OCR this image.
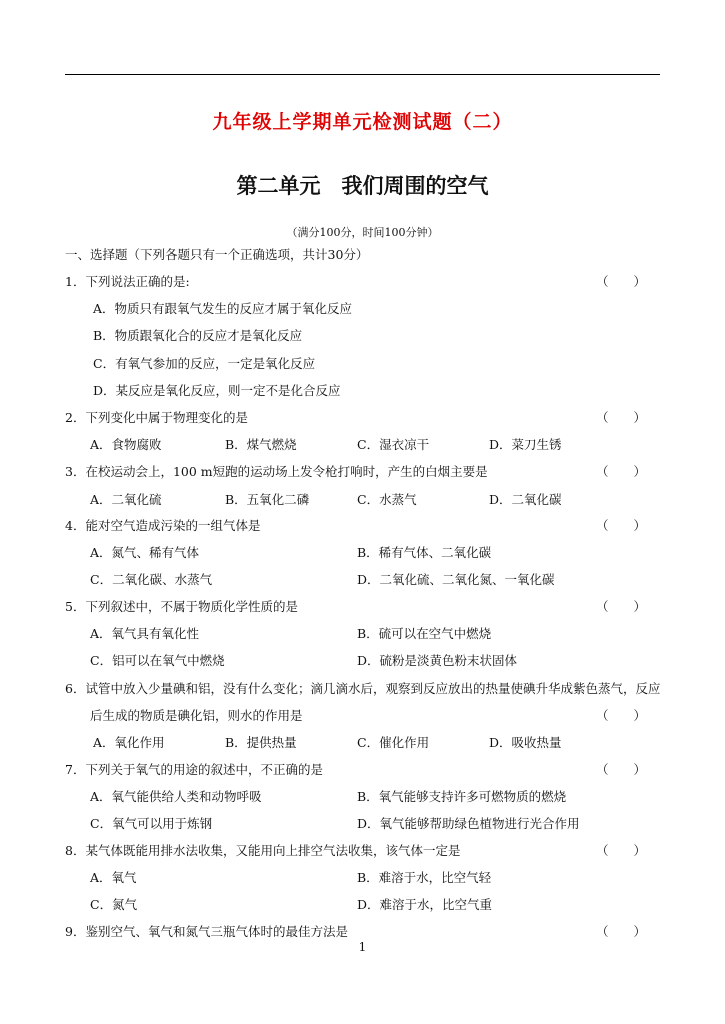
九年级上学期单元检测试题（二）
第二单元　我们周围的空气
（满分100分，时间100分钟）
一、选择题（下列各题只有一个正确选项，共计30分）
1．下列说法正确的是:	（　　）
A．物质只有跟氧气发生的反应才属于氧化反应
B．物质跟氧化合的反应才是氧化反应
C．有氧气参加的反应，一定是氧化反应
D．某反应是氧化反应，则一定不是化合反应
2．下列变化中属于物理变化的是	（　　）
A．食物腐败	B．煤气燃烧	C．湿衣凉干	D．菜刀生锈
3．在校运动会上，100 m短跑的运动场上发令枪打响时，产生的白烟主要是	（　　）
A．二氧化硫	B．五氧化二磷	C．水蒸气	D．二氧化碳
4．能对空气造成污染的一组气体是	（　　）
A．氮气、稀有气体	B．稀有气体、二氧化碳
C．二氧化碳、水蒸气	D．二氧化硫、二氧化氮、一氧化碳
5．下列叙述中，不属于物质化学性质的是	（　　）
A．氧气具有氧化性	B．硫可以在空气中燃烧
C．铝可以在氧气中燃烧	D．硫粉是淡黄色粉末状固体
6．试管中放入少量碘和铝，没有什么变化；滴几滴水后，观察到反应放出的热量使碘升华成紫色蒸气，反应
后生成的物质是碘化铝，则水的作用是	（　　）
A．氧化作用	B．提供热量	C．催化作用	D．吸收热量
7．下列关于氧气的用途的叙述中，不正确的是	（　　）
A．氧气能供给人类和动物呼吸	B．氧气能够支持许多可燃物质的燃烧
C．氧气可以用于炼钢	D．氧气能够帮助绿色植物进行光合作用
8．某气体既能用排水法收集，又能用向上排空气法收集，该气体一定是	（　　）
A．氧气	B．难溶于水，比空气轻
C．氮气	D．难溶于水，比空气重
9．鉴别空气、氧气和氮气三瓶气体时的最佳方法是	（　　）
1
